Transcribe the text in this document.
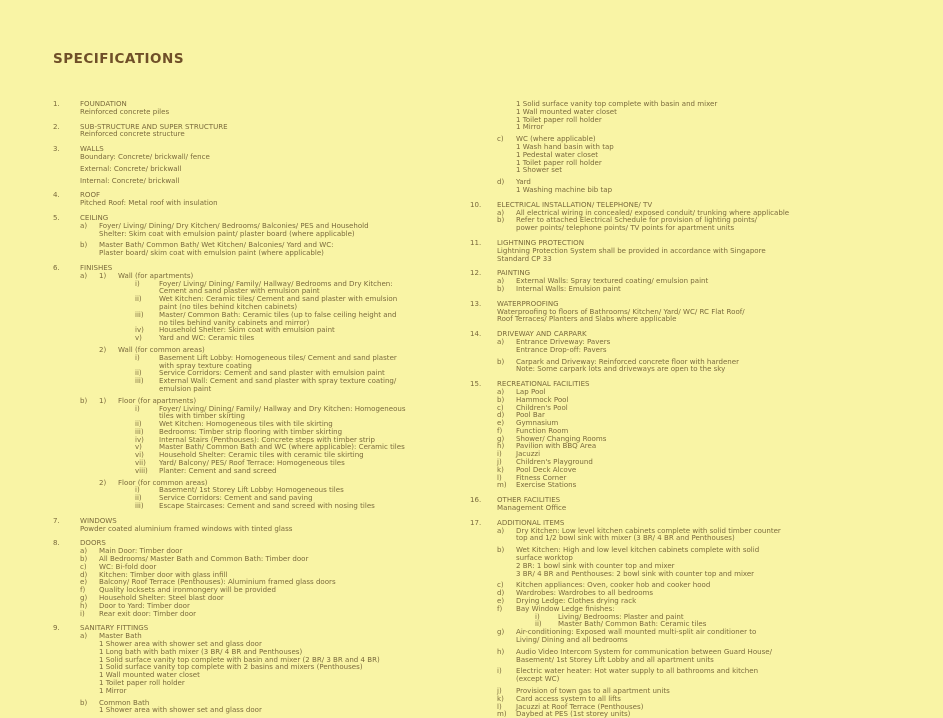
SPECIFICATIONS
1.	FOUNDATION
Reinforced concrete piles
2.	SUB-STRUCTURE AND SUPER STRUCTURE
Reinforced concrete structure
3.	WALLS
Boundary: Concrete/ brickwall/ fence
External: Concrete/ brickwall
Internal: Concrete/ brickwall
4.	ROOF
Pitched Roof: Metal roof with insulation
5.	CEILING
a) Foyer/ Living/ Dining/ Dry Kitchen/ Bedrooms/ Balconies/ PES and Household
Shelter: Skim coat with emulsion paint/ plaster board (where applicable)
b) Master Bath/ Common Bath/ Wet Kitchen/ Balconies/ Yard and WC:
Plaster board/ skim coat with emulsion paint (where applicable)
6.	FINISHES
a) 1) Wall (for apartments)
i)	Foyer/ Living/ Dining/ Family/ Hallway/ Bedrooms and Dry Kitchen:
Cement and sand plaster with emulsion paint
ii) Wet Kitchen: Ceramic tiles/ Cement and sand plaster with emulsion
paint (no tiles behind kitchen cabinets)
iii) Master/ Common Bath: Ceramic tiles (up to false ceiling height and
no tiles behind vanity cabinets and mirror)
iv) Household Shelter: Skim coat with emulsion paint
v) Yard and WC: Ceramic tiles
2) Wall (for common areas)
i)	Basement Lift Lobby: Homogeneous tiles/ Cement and sand plaster
with spray texture coating
ii) Service Corridors: Cement and sand plaster with emulsion paint
iii) External Wall: Cement and sand plaster with spray texture coating/
emulsion paint
b) 1) Floor (for apartments)
i)	Foyer/ Living/ Dining/ Family/ Hallway and Dry Kitchen: Homogeneous
tiles with timber skirting
ii) Wet Kitchen: Homogeneous tiles with tile skirting
iii) Bedrooms: Timber strip flooring with timber skirting
iv) Internal Stairs (Penthouses): Concrete steps with timber strip
v) Master Bath/ Common Bath and WC (where applicable): Ceramic tiles
vi) Household Shelter: Ceramic tiles with ceramic tile skirting
vii) Yard/ Balcony/ PES/ Roof Terrace: Homogeneous tiles
viii) Planter: Cement and sand screed
2) Floor (for common areas)
i)	Basement/ 1st Storey Lift Lobby: Homogeneous tiles
ii) Service Corridors: Cement and sand paving
iii) Escape Staircases: Cement and sand screed with nosing tiles
7.	WINDOWS
Powder coated aluminium framed windows with tinted glass
8.	DOORS
a) Main Door: Timber door
b) All Bedrooms/ Master Bath and Common Bath: Timber door
c) WC: Bi-fold door
d) Kitchen: Timber door with glass infill
e) Balcony/ Roof Terrace (Penthouses): Aluminium framed glass doors
f) Quality locksets and ironmongery will be provided
g) Household Shelter: Steel blast door
h) Door to Yard: Timber door
i) Rear exit door: Timber door
9.	SANITARY FITTINGS
a) Master Bath
1 Shower area with shower set and glass door
1 Long bath with bath mixer (3 BR/ 4 BR and Penthouses)
1 Solid surface vanity top complete with basin and mixer (2 BR/ 3 BR and 4 BR)
1 Solid surface vanity top complete with 2 basins and mixers (Penthouses)
1 Wall mounted water closet
1 Toilet paper roll holder
1 Mirror
b) Common Bath
1 Shower area with shower set and glass door
1 Solid surface vanity top complete with basin and mixer
1 Wall mounted water closet
1 Toilet paper roll holder
1 Mirror
c) WC (where applicable)
1 Wash hand basin with tap
1 Pedestal water closet
1 Toilet paper roll holder
1 Shower set
d) Yard
1 Washing machine bib tap
10. ELECTRICAL INSTALLATION/ TELEPHONE/ TV
a) All electrical wiring in concealed/ exposed conduit/ trunking where applicable
b) Refer to attached Electrical Schedule for provision of lighting points/
power points/ telephone points/ TV points for apartment units
11. LIGHTNING PROTECTION
Lightning Protection System shall be provided in accordance with Singapore
Standard CP 33
12. PAINTING
a) External Walls: Spray textured coating/ emulsion paint
b) Internal Walls: Emulsion paint
13. WATERPROOFING
Waterproofing to floors of Bathrooms/ Kitchen/ Yard/ WC/ RC Flat Roof/
Roof Terraces/ Planters and Slabs where applicable
14. DRIVEWAY AND CARPARK
a) Entrance Driveway: Pavers
Entrance Drop-off: Pavers
b) Carpark and Driveway: Reinforced concrete floor with hardener
Note: Some carpark lots and driveways are open to the sky
15. RECREATIONAL FACILITIES
a) Lap Pool
b) Hammock Pool
c) Children's Pool
d) Pool Bar
e) Gymnasium
f) Function Room
g) Shower/ Changing Rooms
h) Pavilion with BBQ Area
i) Jacuzzi
j) Children's Playground
k) Pool Deck Alcove
l) Fitness Corner
m) Exercise Stations
16. OTHER FACILITIES
Management Office
17. ADDITIONAL ITEMS
a) Dry Kitchen: Low level kitchen cabinets complete with solid timber counter
top and 1/2 bowl sink with mixer (3 BR/ 4 BR and Penthouses)
b) Wet Kitchen: High and low level kitchen cabinets complete with solid
surface worktop
2 BR: 1 bowl sink with counter top and mixer
3 BR/ 4 BR and Penthouses: 2 bowl sink with counter top and mixer
c) Kitchen appliances: Oven, cooker hob and cooker hood
d) Wardrobes: Wardrobes to all bedrooms
e) Drying Ledge: Clothes drying rack
f) Bay Window Ledge finishes:
i)	Living/ Bedrooms: Plaster and paint
ii) Master Bath/ Common Bath: Ceramic tiles
g) Air-conditioning: Exposed wall mounted multi-split air conditioner to
Living/ Dining and all bedrooms
h) Audio Video Intercom System for communication between Guard House/
Basement/ 1st Storey Lift Lobby and all apartment units
i) Electric water heater: Hot water supply to all bathrooms and kitchen
(except WC)
j) Provision of town gas to all apartment units
k) Card access system to all lifts
l) Jacuzzi at Roof Terrace (Penthouses)
m) Daybed at PES (1st storey units)
